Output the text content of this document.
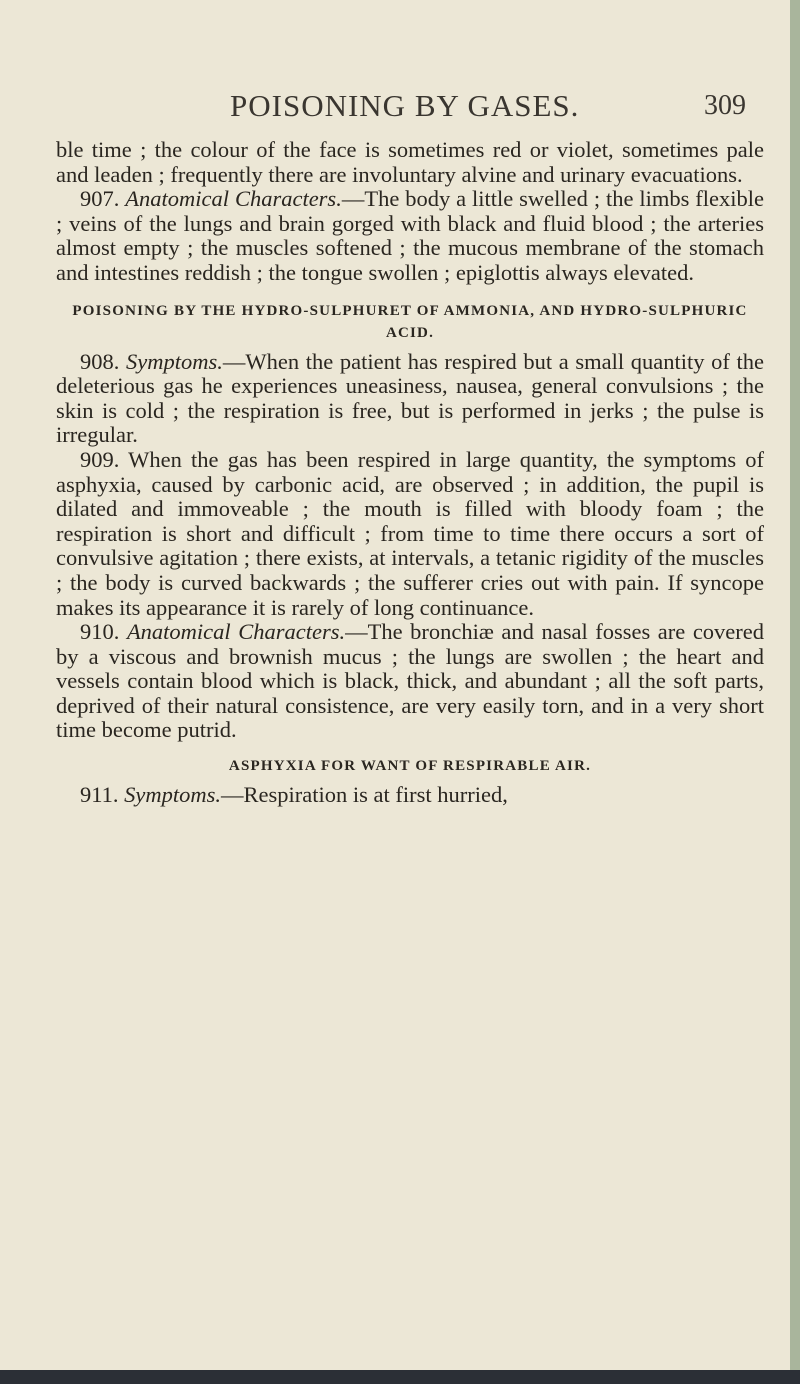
POISONING BY GASES.	309

ble time ; the colour of the face is sometimes red or violet, sometimes pale and leaden ; frequently there are involuntary alvine and urinary evacuations.

907. Anatomical Characters.—The body a little swelled ; the limbs flexible ; veins of the lungs and brain gorged with black and fluid blood ; the arteries almost empty ; the muscles softened ; the mucous membrane of the stomach and intestines reddish ; the tongue swollen ; epiglottis always elevated.

POISONING BY THE HYDRO-SULPHURET OF AMMONIA, AND HYDRO-SULPHURIC ACID.

908. Symptoms.—When the patient has respired but a small quantity of the deleterious gas he experiences uneasiness, nausea, general convulsions ; the skin is cold ; the respiration is free, but is performed in jerks ; the pulse is irregular.

909. When the gas has been respired in large quantity, the symptoms of asphyxia, caused by carbonic acid, are observed ; in addition, the pupil is dilated and immoveable ; the mouth is filled with bloody foam ; the respiration is short and difficult ; from time to time there occurs a sort of convulsive agitation ; there exists, at intervals, a tetanic rigidity of the muscles ; the body is curved backwards ; the sufferer cries out with pain. If syncope makes its appearance it is rarely of long continuance.

910. Anatomical Characters.—The bronchiæ and nasal fosses are covered by a viscous and brownish mucus ; the lungs are swollen ; the heart and vessels contain blood which is black, thick, and abundant ; all the soft parts, deprived of their natural consistence, are very easily torn, and in a very short time become putrid.

ASPHYXIA FOR WANT OF RESPIRABLE AIR.

911. Symptoms.—Respiration is at first hurried,
